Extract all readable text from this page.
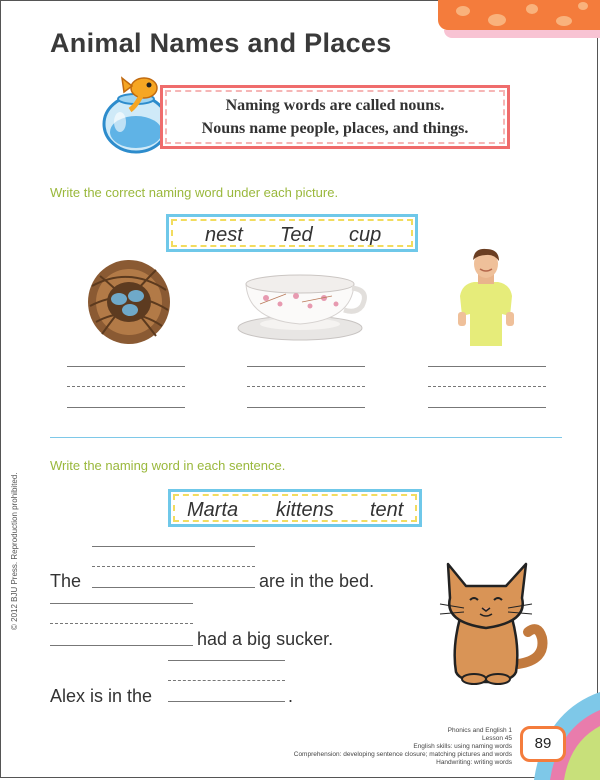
Animal Names and Places
Naming words are called nouns.
Nouns name people, places, and things.
Write the correct naming word under each picture.
nest Ted cup
Write the naming word in each sentence.
Marta kittens tent
The	are in the bed.
had a big sucker.
Alex is in the	.
© 2012 BJU Press. Reproduction prohibited.
Phonics and English 1
Lesson 45
English skills: using naming words
Comprehension: developing sentence closure; matching pictures and words
Handwriting: writing words
89
